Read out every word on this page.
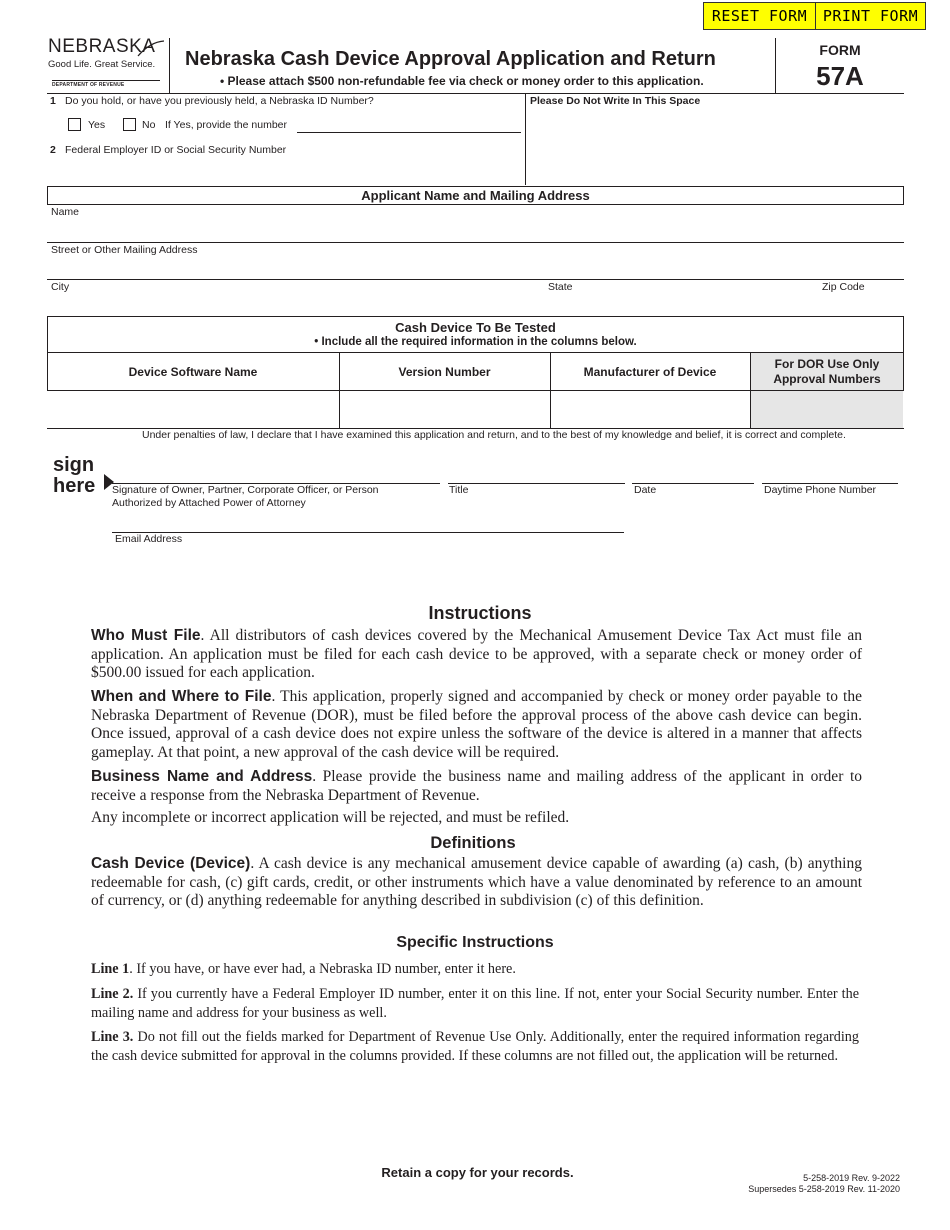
RESET FORM	PRINT FORM
NEBRASKA
Good Life. Great Service.
DEPARTMENT OF REVENUE
Nebraska Cash Device Approval Application and Return
• Please attach $500 non-refundable fee via check or money order to this application.
FORM
57A
1 Do you hold, or have you previously held, a Nebraska ID Number?
Yes	No If Yes, provide the number
2 Federal Employer ID or Social Security Number
Please Do Not Write In This Space
Applicant Name and Mailing Address
Name
Street or Other Mailing Address
City	State	Zip Code
Cash Device To Be Tested
• Include all the required information in the columns below.
Device Software Name	Version Number	Manufacturer of Device
For DOR Use Only
Approval Numbers
Under penalties of law, I declare that I have examined this application and return, and to the best of my knowledge and belief, it is correct and complete.
sign
here Signature of Owner, Partner, Corporate Officer, or Person
Authorized by Attached Power of Attorney
Title	Date	Daytime Phone Number
Email Address
Instructions
Who Must File. All distributors of cash devices covered by the Mechanical Amusement Device Tax Act must file an application. An application must be filed for each cash device to be approved, with a separate check or money order of $500.00 issued for each application.
When and Where to File. This application, properly signed and accompanied by check or money order payable to the Nebraska Department of Revenue (DOR), must be filed before the approval process of the above cash device can begin. Once issued, approval of a cash device does not expire unless the software of the device is altered in a manner that affects gameplay. At that point, a new approval of the cash device will be required.
Business Name and Address. Please provide the business name and mailing address of the applicant in order to receive a response from the Nebraska Department of Revenue.
Any incomplete or incorrect application will be rejected, and must be refiled.
Definitions
Cash Device (Device). A cash device is any mechanical amusement device capable of awarding (a) cash, (b) anything redeemable for cash, (c) gift cards, credit, or other instruments which have a value denominated by reference to an amount of currency, or (d) anything redeemable for anything described in subdivision (c) of this definition.
Specific Instructions
Line 1. If you have, or have ever had, a Nebraska ID number, enter it here.
Line 2. If you currently have a Federal Employer ID number, enter it on this line. If not, enter your Social Security number. Enter the mailing name and address for your business as well.
Line 3. Do not fill out the fields marked for Department of Revenue Use Only. Additionally, enter the required information regarding the cash device submitted for approval in the columns provided. If these columns are not filled out, the application will be returned.
Retain a copy for your records.	5-258-2019 Rev. 9-2022
Supersedes 5-258-2019 Rev. 11-2020
